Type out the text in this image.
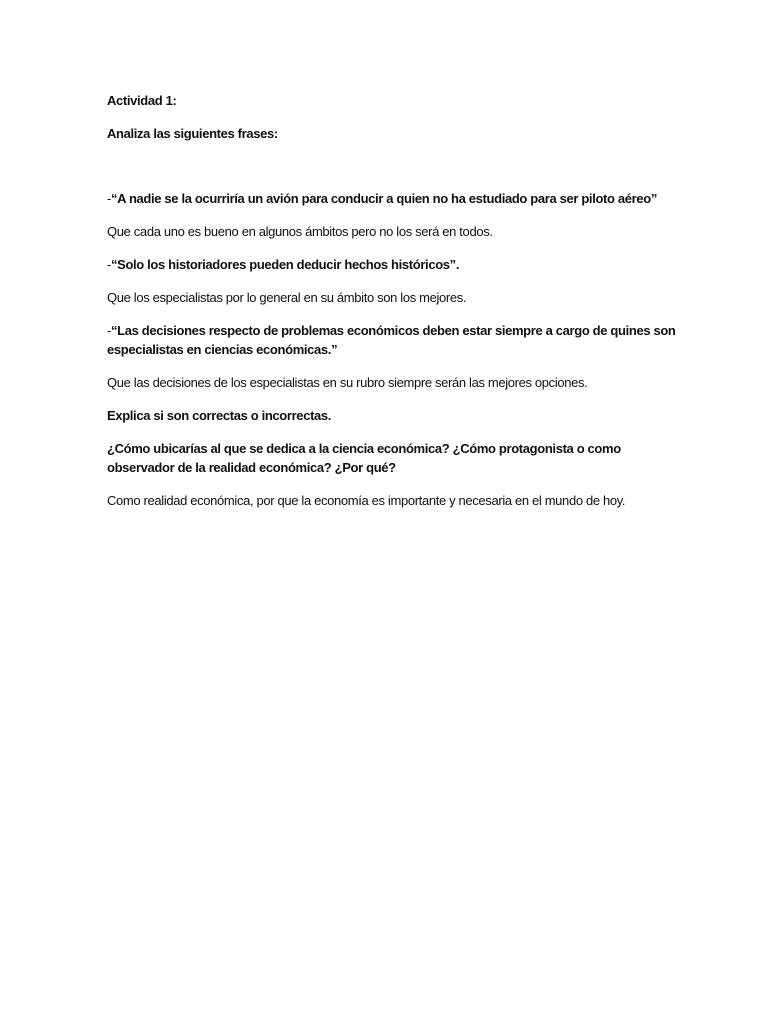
Actividad 1:

Analiza las siguientes frases:

-“A nadie se la ocurriría un avión para conducir a quien no ha estudiado para ser piloto aéreo”

Que cada uno es bueno en algunos ámbitos pero no los será en todos.

-“Solo los historiadores pueden deducir hechos históricos”.

Que los especialistas por lo general en su ámbito son los mejores.

-“Las decisiones respecto de problemas económicos deben estar siempre a cargo de quines son

especialistas en ciencias económicas.”

Que las decisiones de los especialistas en su rubro siempre serán las mejores opciones.

Explica si son correctas o incorrectas.

¿Cómo ubicarías al que se dedica a la ciencia económica? ¿Cómo protagonista o como

observador de la realidad económica? ¿Por qué?

Como realidad económica, por que la economía es importante y necesaria en el mundo de hoy.
